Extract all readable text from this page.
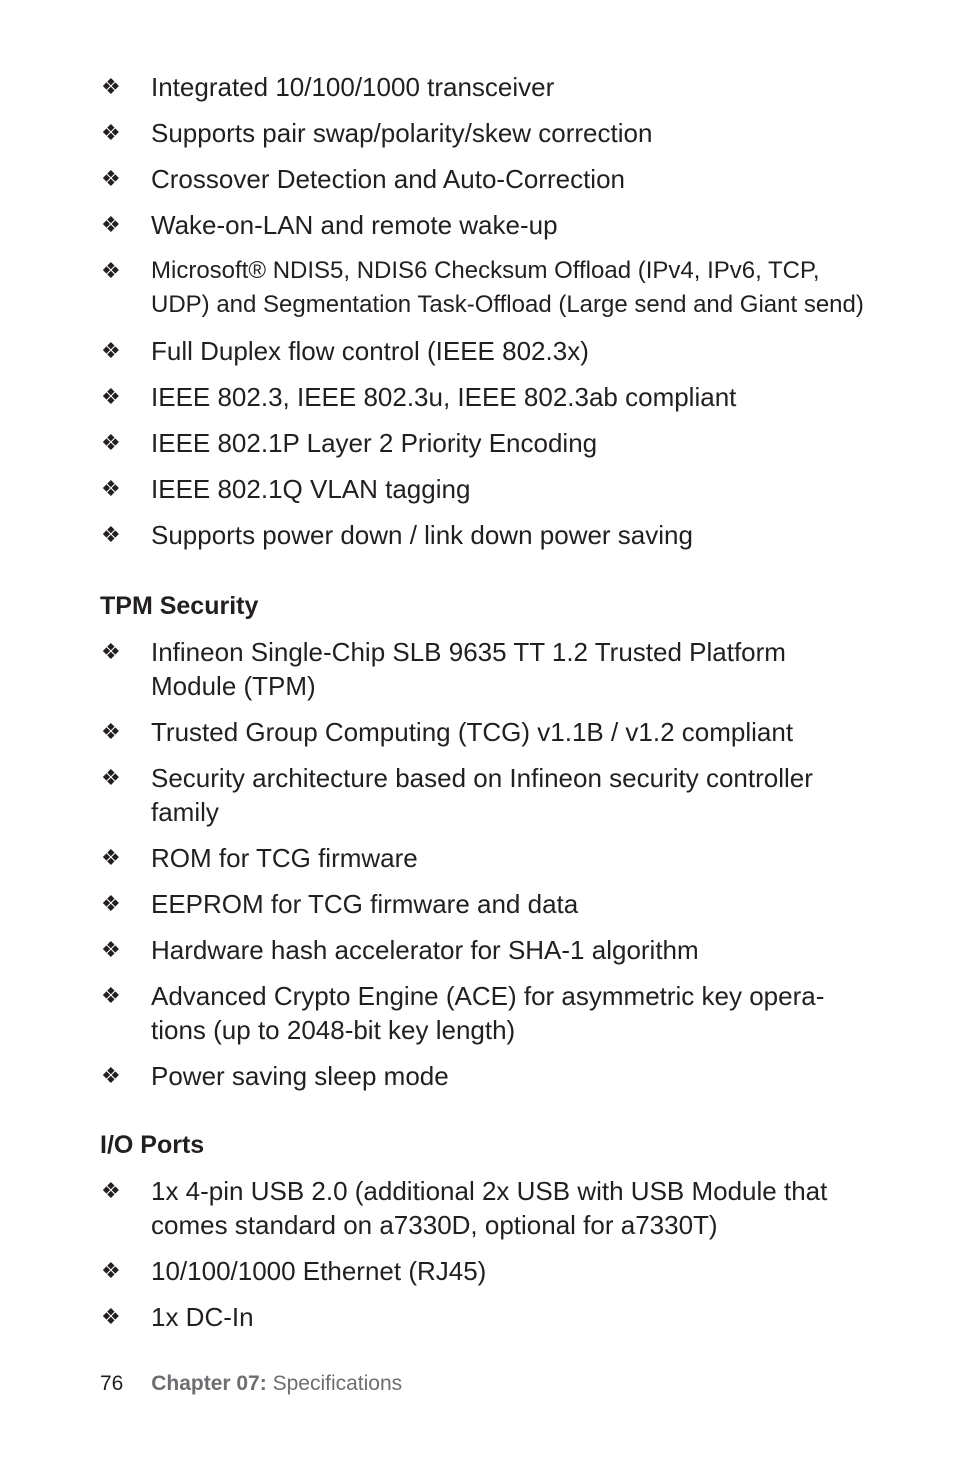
❖ Integrated 10/100/1000 transceiver
❖ Supports pair swap/polarity/skew correction
❖ Crossover Detection and Auto-Correction
❖ Wake-on-LAN and remote wake-up
❖ Microsoft® NDIS5, NDIS6 Checksum Offload (IPv4, IPv6, TCP, UDP) and Segmentation Task-Offload (Large send and Giant send)
❖ Full Duplex flow control (IEEE 802.3x)
❖ IEEE 802.3, IEEE 802.3u, IEEE 802.3ab compliant
❖ IEEE 802.1P Layer 2 Priority Encoding
❖ IEEE 802.1Q VLAN tagging
❖ Supports power down / link down power saving
TPM Security
❖ Infineon Single-Chip SLB 9635 TT 1.2 Trusted Platform Module (TPM)
❖ Trusted Group Computing (TCG) v1.1B / v1.2 compliant
❖ Security architecture based on Infineon security controller family
❖ ROM for TCG firmware
❖ EEPROM for TCG firmware and data
❖ Hardware hash accelerator for SHA-1 algorithm
❖ Advanced Crypto Engine (ACE) for asymmetric key opera-tions (up to 2048-bit key length)
❖ Power saving sleep mode
I/O Ports
❖ 1x 4-pin USB 2.0 (additional 2x USB with USB Module that comes standard on a7330D, optional for a7330T)
❖ 10/100/1000 Ethernet (RJ45)
❖ 1x DC-In
76 Chapter 07: Specifications
